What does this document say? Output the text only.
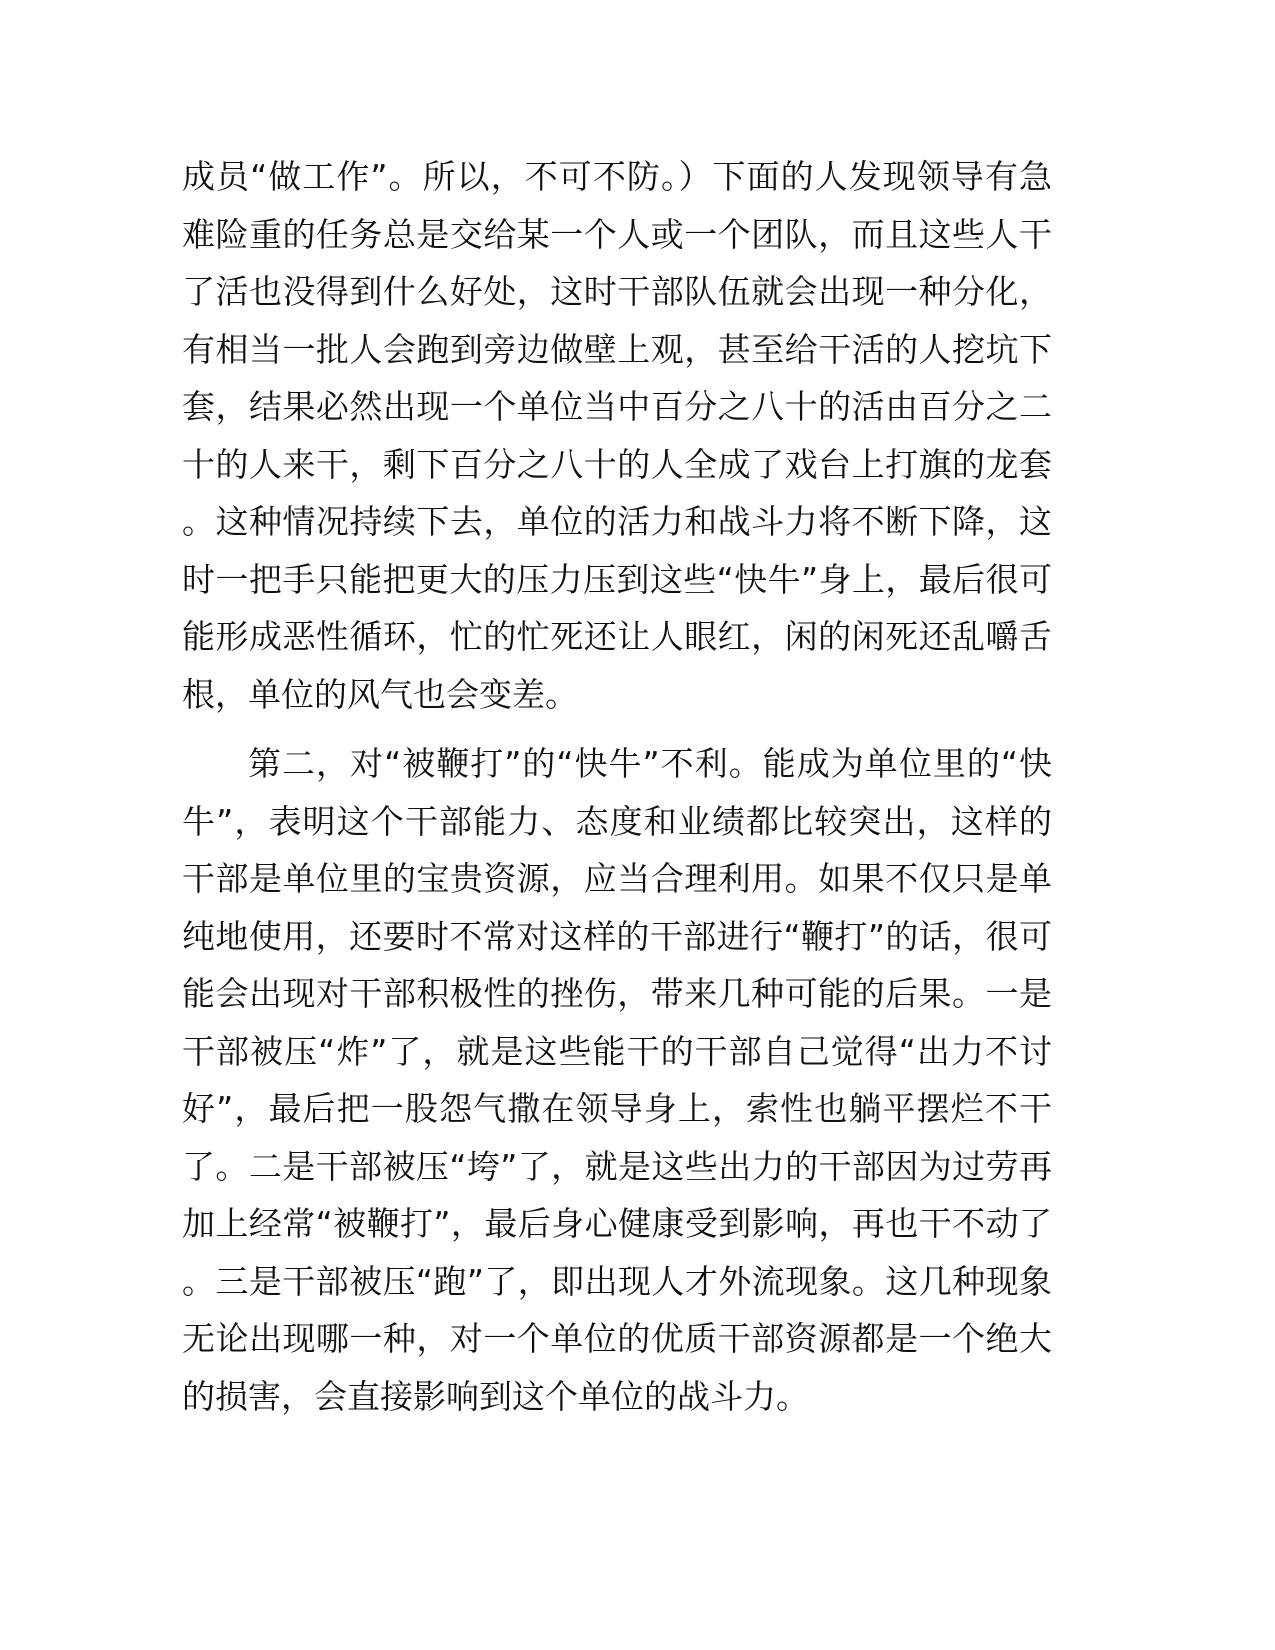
成员“做工作”。所以，不可不防。）下面的人发现领导有急难险重的任务总是交给某一个人或一个团队，而且这些人干了活也没得到什么好处，这时干部队伍就会出现一种分化，有相当一批人会跑到旁边做壁上观，甚至给干活的人挖坑下套，结果必然出现一个单位当中百分之八十的活由百分之二十的人来干，剩下百分之八十的人全成了戏台上打旗的龙套。这种情况持续下去，单位的活力和战斗力将不断下降，这时一把手只能把更大的压力压到这些“快牛”身上，最后很可能形成恶性循环，忙的忙死还让人眼红，闲的闲死还乱嚼舌根，单位的风气也会变差。

第二，对“被鞭打”的“快牛”不利。能成为单位里的“快牛”，表明这个干部能力、态度和业绩都比较突出，这样的干部是单位里的宝贵资源，应当合理利用。如果不仅只是单纯地使用，还要时不常对这样的干部进行“鞭打”的话，很可能会出现对干部积极性的挫伤，带来几种可能的后果。一是干部被压“炸”了，就是这些能干的干部自己觉得“出力不讨好”，最后把一股怨气撒在领导身上，索性也躺平摆烂不干了。二是干部被压“垮”了，就是这些出力的干部因为过劳再加上经常“被鞭打”，最后身心健康受到影响，再也干不动了。三是干部被压“跑”了，即出现人才外流现象。这几种现象无论出现哪一种，对一个单位的优质干部资源都是一个绝大的损害，会直接影响到这个单位的战斗力。
